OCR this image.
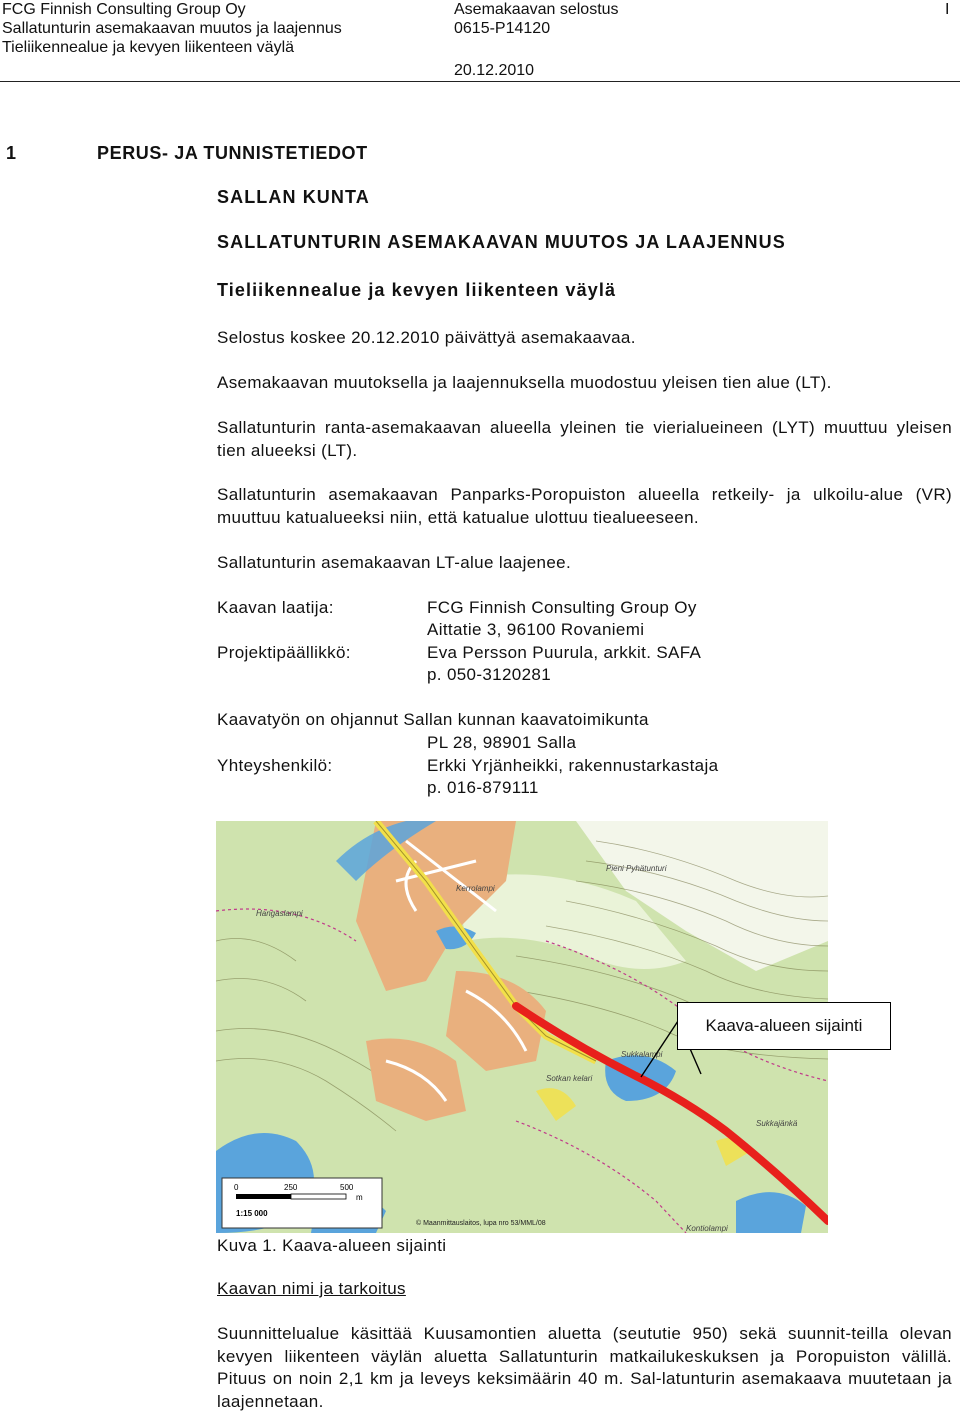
FCG Finnish Consulting Group Oy
Sallatunturin asemakaavan muutos ja laajennus
Tieliikennealue ja kevyen liikenteen väylä
Asemakaavan selostus
0615-P14120
20.12.2010
I
1	PERUS- JA TUNNISTETIEDOT
SALLAN KUNTA
SALLATUNTURIN ASEMAKAAVAN MUUTOS JA LAAJENNUS
Tieliikennealue ja kevyen liikenteen väylä
Selostus koskee 20.12.2010 päivättyä asemakaavaa.
Asemakaavan muutoksella ja laajennuksella muodostuu yleisen tien alue (LT).
Sallatunturin ranta-asemakaavan alueella yleinen tie vierialueineen (LYT) muuttuu yleisen tien alueeksi (LT).
Sallatunturin asemakaavan Panparks-Poropuiston alueella retkeily- ja ulkoilu-alue (VR) muuttuu katualueeksi niin, että katualue ulottuu tiealueeseen.
Sallatunturin asemakaavan LT-alue laajenee.
Kaavan laatija:	FCG Finnish Consulting Group Oy
Aittatie 3, 96100 Rovaniemi
Projektipäällikkö:	Eva Persson Puurula, arkkit. SAFA
p. 050-3120281
Kaavatyön on ohjannut Sallan kunnan kaavatoimikunta
PL 28, 98901 Salla
Yhteyshenkilö:	Erkki Yrjänheikki, rakennustarkastaja
p. 016-879111
Pieni Pyhätunturi
Kerrolampi
Hangaslampi
Sotkan kelari
Sukkalampi
Sukkajänkä
Kontiolampi
0	250	500
m
1:15 000
© Maanmittauslaitos, lupa nro 53/MML/08
Kaava-alueen sijainti
Kuva 1. Kaava-alueen sijainti
Kaavan nimi ja tarkoitus
Suunnittelualue käsittää Kuusamontien aluetta (seututie 950) sekä suunnit-teilla olevan kevyen liikenteen väylän aluetta Sallatunturin matkailukeskuksen ja Poropuiston välillä. Pituus on noin 2,1 km ja leveys keksimäärin 40 m. Sal-latunturin asemakaava muutetaan ja laajennetaan.
